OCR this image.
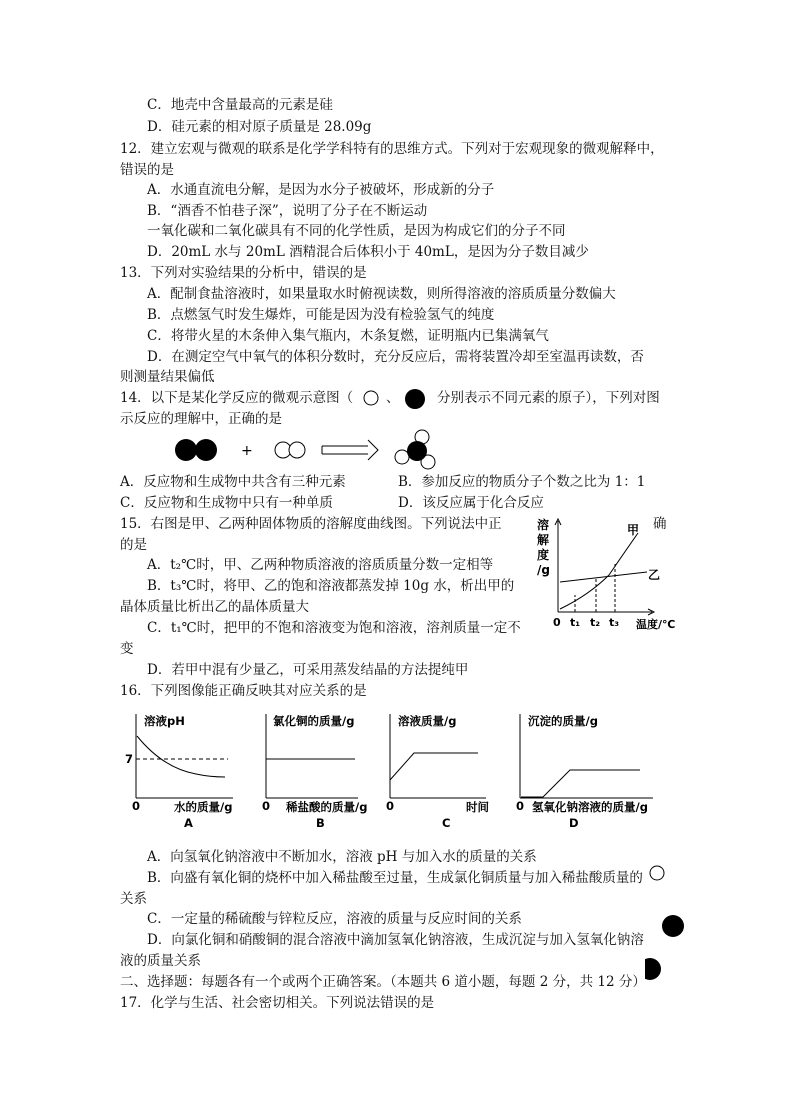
C．地壳中含量最高的元素是硅
D．硅元素的相对原子质量是 28.09g
12．建立宏观与微观的联系是化学学科特有的思维方式。下列对于宏观现象的微观解释中，
错误的是
A．水通直流电分解，是因为水分子被破坏，形成新的分子
B．“酒香不怕巷子深”，说明了分子在不断运动
一氧化碳和二氧化碳具有不同的化学性质，是因为构成它们的分子不同
D．20mL 水与 20mL 酒精混合后体积小于 40mL，是因为分子数目减少
13．下列对实验结果的分析中，错误的是
A．配制食盐溶液时，如果量取水时俯视读数，则所得溶液的溶质质量分数偏大
B．点燃氢气时发生爆炸，可能是因为没有检验氢气的纯度
C．将带火星的木条伸入集气瓶内，木条复燃，证明瓶内已集满氧气
D．在测定空气中氧气的体积分数时，充分反应后，需将装置冷却至室温再读数，否
则测量结果偏低
14．以下是某化学反应的微观示意图（ 、	分别表示不同元素的原子），下列对图
示反应的理解中，正确的是
+
A．反应物和生成物中共含有三种元素	B．参加反应的物质分子个数之比为 1：1
C．反应物和生成物中只有一种单质	D．该反应属于化合反应
15．右图是甲、乙两种固体物质的溶解度曲线图。下列说法中正
的是
A．t₂℃时，甲、乙两种物质溶液的溶质质量分数一定相等
B．t₃℃时，将甲、乙的饱和溶液都蒸发掉 10g 水，析出甲的
晶体质量比析出乙的晶体质量大
C．t₁℃时，把甲的不饱和溶液变为饱和溶液，溶剂质量一定不
变
D．若甲中混有少量乙，可采用蒸发结晶的方法提纯甲
确
溶
解
度
/g
甲
乙
0 t₁ t₂ t₃ 温度/℃
16．下列图像能正确反映其对应关系的是
溶液pH
7
0	水的质量/g
A
氯化铜的质量/g
0 稀盐酸的质量/g
B
溶液质量/g
0	时间
C
沉淀的质量/g
0 氢氧化钠溶液的质量/g
D
A．向氢氧化钠溶液中不断加水，溶液 pH 与加入水的质量的关系
B．向盛有氧化铜的烧杯中加入稀盐酸至过量，生成氯化铜质量与加入稀盐酸质量的
关系
C．一定量的稀硫酸与锌粒反应，溶液的质量与反应时间的关系
D．向氯化铜和硝酸铜的混合溶液中滴加氢氧化钠溶液，生成沉淀与加入氢氧化钠溶
液的质量关系
二、选择题：每题各有一个或两个正确答案。（本题共 6 道小题，每题 2 分，共 12 分）
17．化学与生活、社会密切相关。下列说法错误的是
